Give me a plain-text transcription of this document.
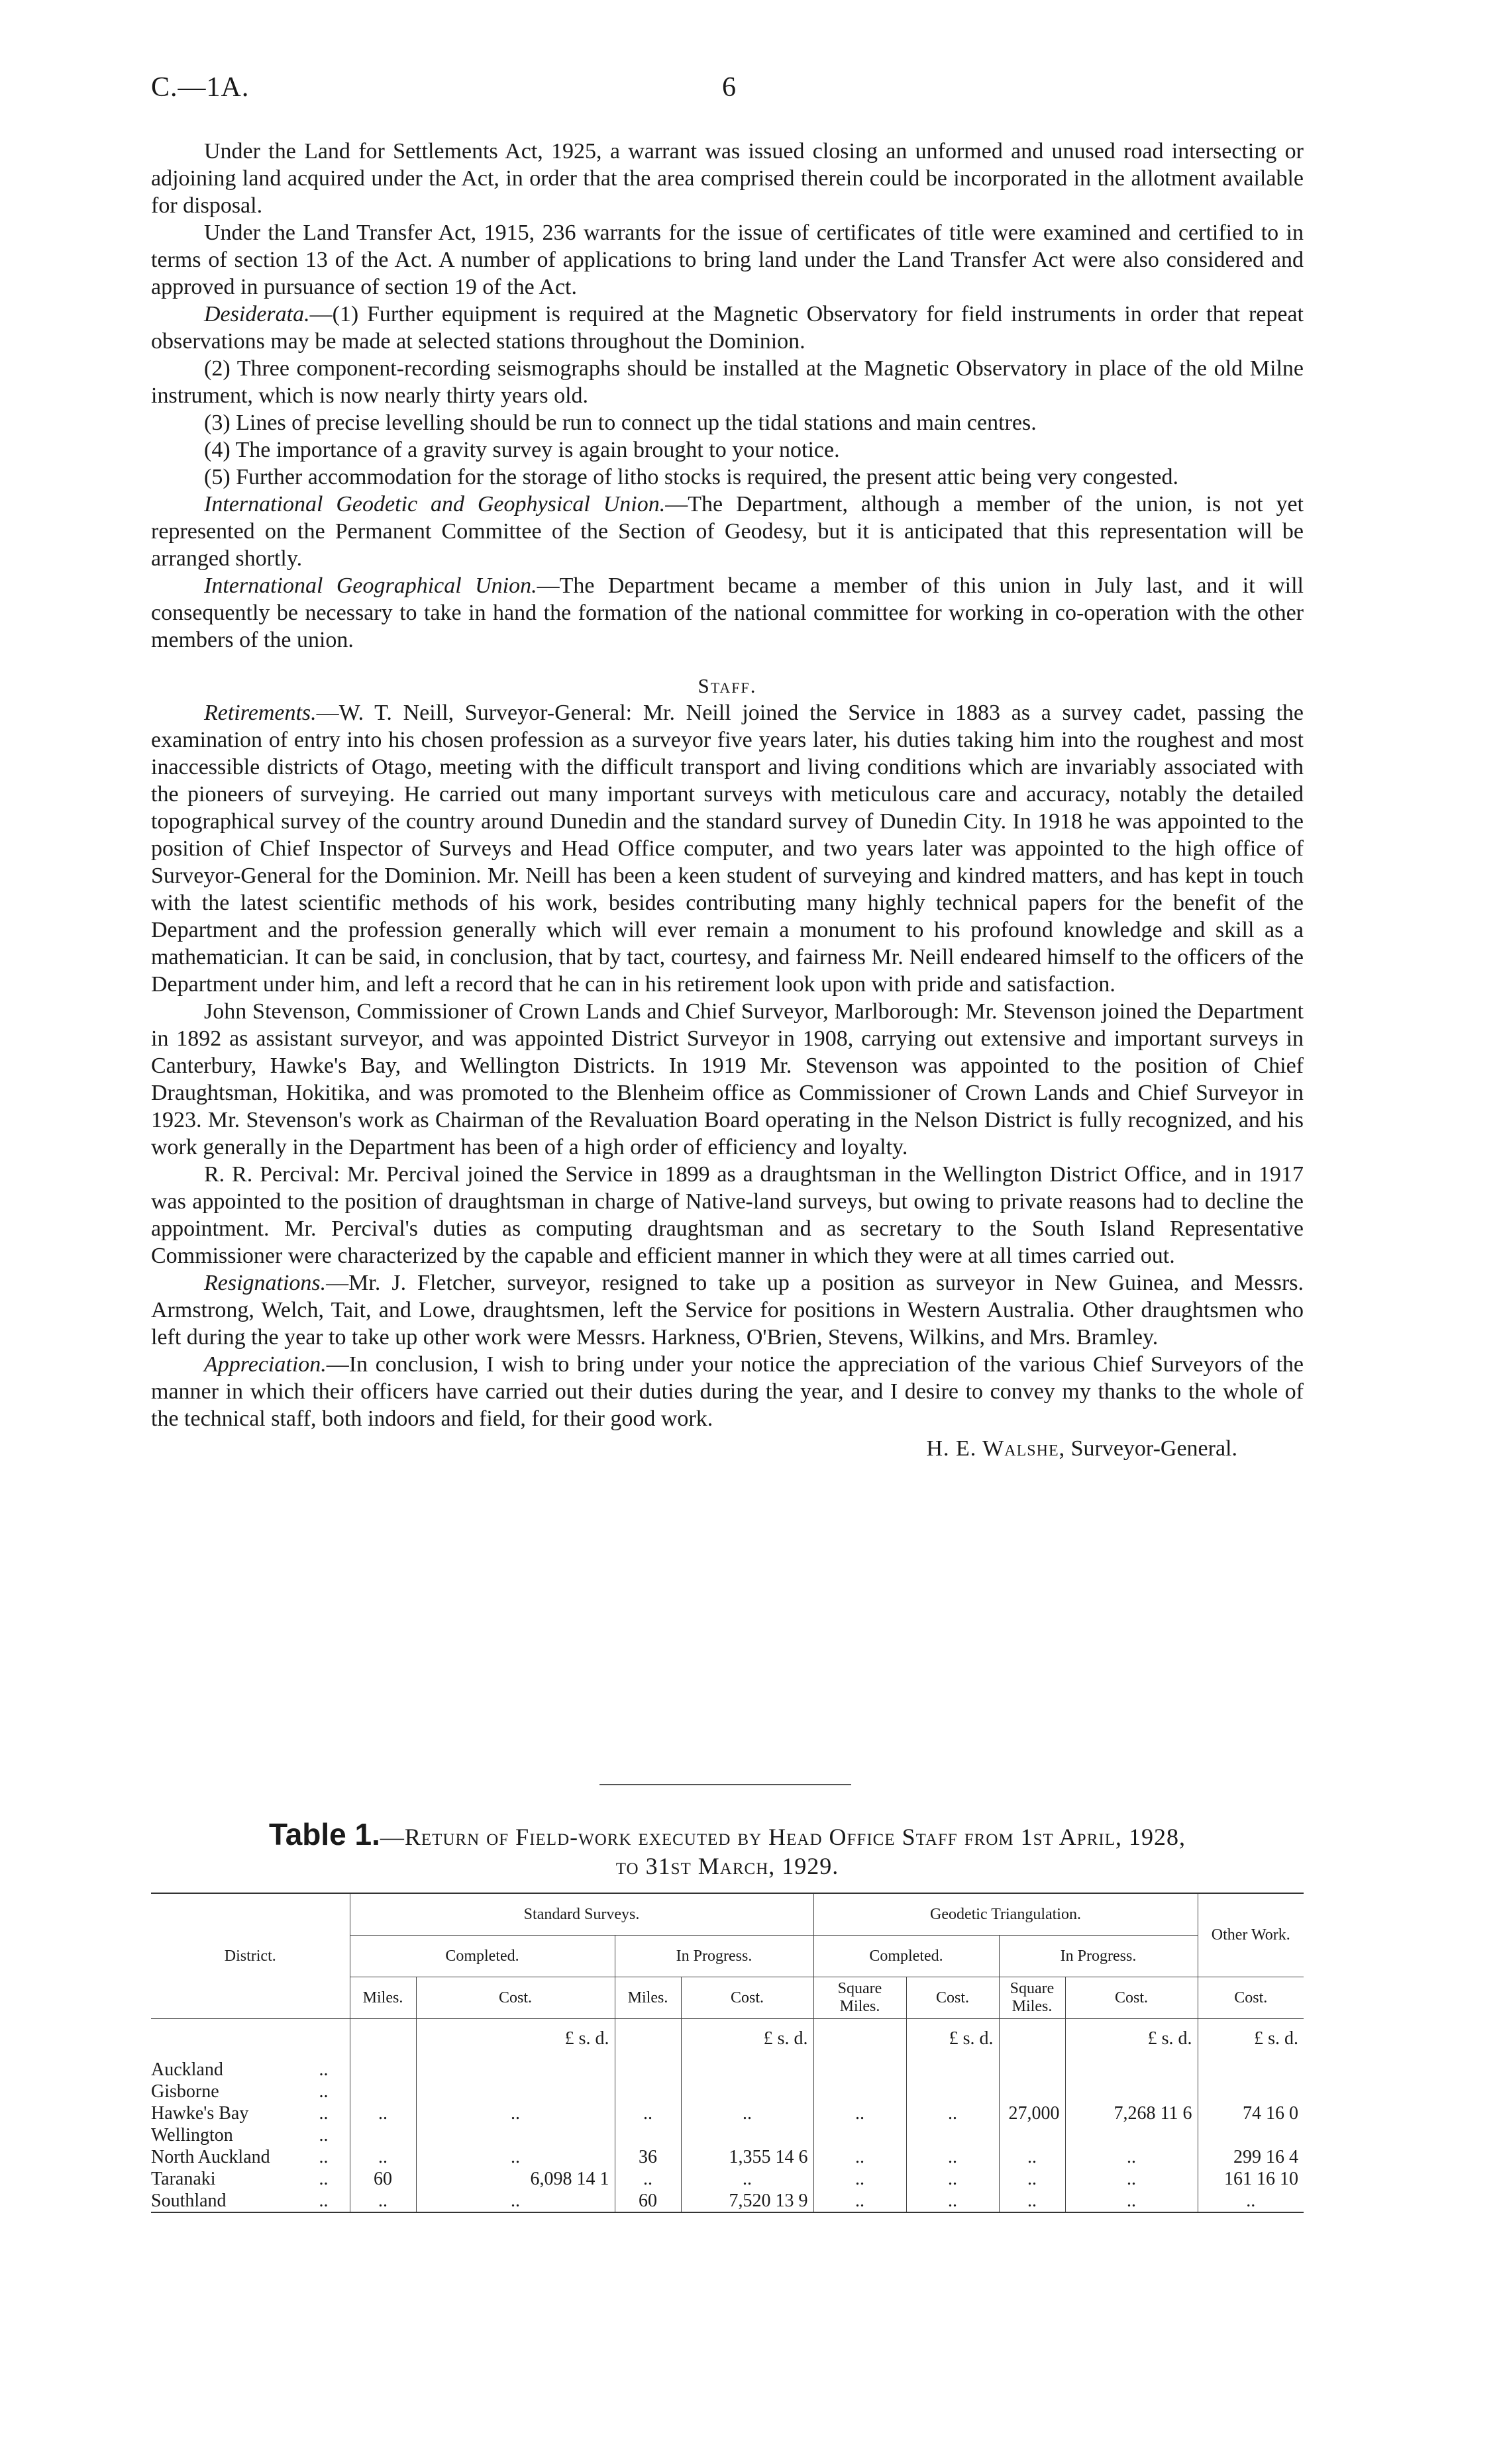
C.—1A.	6

Under the Land for Settlements Act, 1925, a warrant was issued closing an unformed and unused road intersecting or adjoining land acquired under the Act, in order that the area comprised therein could be incorporated in the allotment available for disposal.

Under the Land Transfer Act, 1915, 236 warrants for the issue of certificates of title were examined and certified to in terms of section 13 of the Act. A number of applications to bring land under the Land Transfer Act were also considered and approved in pursuance of section 19 of the Act.

Desiderata.—(1) Further equipment is required at the Magnetic Observatory for field instruments in order that repeat observations may be made at selected stations throughout the Dominion.

(2) Three component-recording seismographs should be installed at the Magnetic Observatory in place of the old Milne instrument, which is now nearly thirty years old.

(3) Lines of precise levelling should be run to connect up the tidal stations and main centres.

(4) The importance of a gravity survey is again brought to your notice.

(5) Further accommodation for the storage of litho stocks is required, the present attic being very congested.

International Geodetic and Geophysical Union.—The Department, although a member of the union, is not yet represented on the Permanent Committee of the Section of Geodesy, but it is anticipated that this representation will be arranged shortly.

International Geographical Union.—The Department became a member of this union in July last, and it will consequently be necessary to take in hand the formation of the national committee for working in co-operation with the other members of the union.

Staff.

Retirements.—W. T. Neill, Surveyor-General: Mr. Neill joined the Service in 1883 as a survey cadet, passing the examination of entry into his chosen profession as a surveyor five years later, his duties taking him into the roughest and most inaccessible districts of Otago, meeting with the difficult transport and living conditions which are invariably associated with the pioneers of surveying. He carried out many important surveys with meticulous care and accuracy, notably the detailed topographical survey of the country around Dunedin and the standard survey of Dunedin City. In 1918 he was appointed to the position of Chief Inspector of Surveys and Head Office computer, and two years later was appointed to the high office of Surveyor-General for the Dominion. Mr. Neill has been a keen student of surveying and kindred matters, and has kept in touch with the latest scientific methods of his work, besides contributing many highly technical papers for the benefit of the Department and the profession generally which will ever remain a monument to his profound knowledge and skill as a mathematician. It can be said, in conclusion, that by tact, courtesy, and fairness Mr. Neill endeared himself to the officers of the Department under him, and left a record that he can in his retirement look upon with pride and satisfaction.

John Stevenson, Commissioner of Crown Lands and Chief Surveyor, Marlborough: Mr. Stevenson joined the Department in 1892 as assistant surveyor, and was appointed District Surveyor in 1908, carrying out extensive and important surveys in Canterbury, Hawke's Bay, and Wellington Districts. In 1919 Mr. Stevenson was appointed to the position of Chief Draughtsman, Hokitika, and was promoted to the Blenheim office as Commissioner of Crown Lands and Chief Surveyor in 1923. Mr. Stevenson's work as Chairman of the Revaluation Board operating in the Nelson District is fully recognized, and his work generally in the Department has been of a high order of efficiency and loyalty.

R. R. Percival: Mr. Percival joined the Service in 1899 as a draughtsman in the Wellington District Office, and in 1917 was appointed to the position of draughtsman in charge of Native-land surveys, but owing to private reasons had to decline the appointment. Mr. Percival's duties as computing draughtsman and as secretary to the South Island Representative Commissioner were characterized by the capable and efficient manner in which they were at all times carried out.

Resignations.—Mr. J. Fletcher, surveyor, resigned to take up a position as surveyor in New Guinea, and Messrs. Armstrong, Welch, Tait, and Lowe, draughtsmen, left the Service for positions in Western Australia. Other draughtsmen who left during the year to take up other work were Messrs. Harkness, O'Brien, Stevens, Wilkins, and Mrs. Bramley.

Appreciation.—In conclusion, I wish to bring under your notice the appreciation of the various Chief Surveyors of the manner in which their officers have carried out their duties during the year, and I desire to convey my thanks to the whole of the technical staff, both indoors and field, for their good work.

H. E. Walshe, Surveyor-General.

Table 1.—Return of Field-work executed by Head Office Staff from 1st April, 1928,
to 31st March, 1929.
District.	Standard Surveys.				Geodetic Triangulation.				Other Work.
	Completed.		In Progress.		Completed.		In Progress.		
	Miles.	Cost.	Miles.	Cost.	Square Miles.	Cost.	Square Miles.	Cost.	Cost.
		£ s. d.		£ s. d.		£ s. d.		£ s. d.	£ s. d.
Auckland ..									

Gisborne ..									

Hawke's Bay ..	..	..	..	..	..	..	27,000	7,268 11 6	74 16 0
Wellington ..									

North Auckland ..	..	..	36	1,355 14 6	..	..	..	..	299 16 4
Taranaki ..	60	6,098 14 1	..	..	..	..	..	..	161 16 10
Southland ..	..	..	60	7,520 13 9	..	..	..	..	..
